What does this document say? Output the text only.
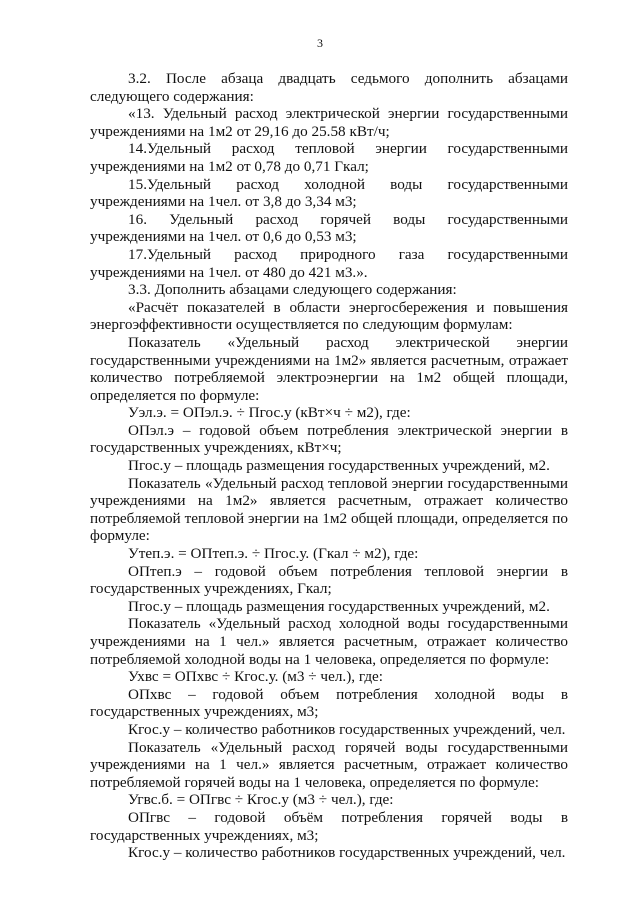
3

3.2. После абзаца двадцать седьмого дополнить абзацами следующего содержания:

«13. Удельный расход электрической энергии государственными учреждениями на 1м2 от 29,16 до 25.58 кВт/ч;

14.Удельный расход тепловой энергии государственными учреждениями на 1м2 от 0,78 до 0,71 Гкал;

15.Удельный расход холодной воды государственными учреждениями на 1чел. от 3,8 до 3,34 м3;

16. Удельный расход горячей воды государственными учреждениями на 1чел. от 0,6 до 0,53 м3;

17.Удельный расход природного газа государственными учреждениями на 1чел. от 480 до 421 м3.».

3.3. Дополнить абзацами следующего содержания:

«Расчёт показателей в области энергосбережения и повышения энергоэффективности осуществляется по следующим формулам:

Показатель «Удельный расход электрической энергии государственными учреждениями на 1м2» является расчетным, отражает количество потребляемой электроэнергии на 1м2 общей площади, определяется по формуле:

Уэл.э. = ОПэл.э. ÷ Пгос.у (кВт×ч ÷ м2), где:

ОПэл.э – годовой объем потребления электрической энергии в государственных учреждениях, кВт×ч;

Пгос.у – площадь размещения государственных учреждений, м2.

Показатель «Удельный расход тепловой энергии государственными учреждениями на 1м2» является расчетным, отражает количество потребляемой тепловой энергии на 1м2 общей площади, определяется по формуле:

Утеп.э. = ОПтеп.э. ÷ Пгос.у. (Гкал ÷ м2), где:

ОПтеп.э – годовой объем потребления тепловой энергии в государственных учреждениях, Гкал;

Пгос.у – площадь размещения государственных учреждений, м2.

Показатель «Удельный расход холодной воды государственными учреждениями на 1 чел.» является расчетным, отражает количество потребляемой холодной воды на 1 человека, определяется по формуле:

Ухвс = ОПхвс ÷ Кгос.у. (м3 ÷ чел.), где:

ОПхвс – годовой объем потребления холодной воды в государственных учреждениях, м3;

Кгос.у – количество работников государственных учреждений, чел.

Показатель «Удельный расход горячей воды государственными учреждениями на 1 чел.» является расчетным, отражает количество потребляемой горячей воды на 1 человека, определяется по формуле:

Угвс.б. = ОПгвс ÷ Кгос.у (м3 ÷ чел.), где:

ОПгвс – годовой объём потребления горячей воды в государственных учреждениях, м3;

Кгос.у – количество работников государственных учреждений, чел.
